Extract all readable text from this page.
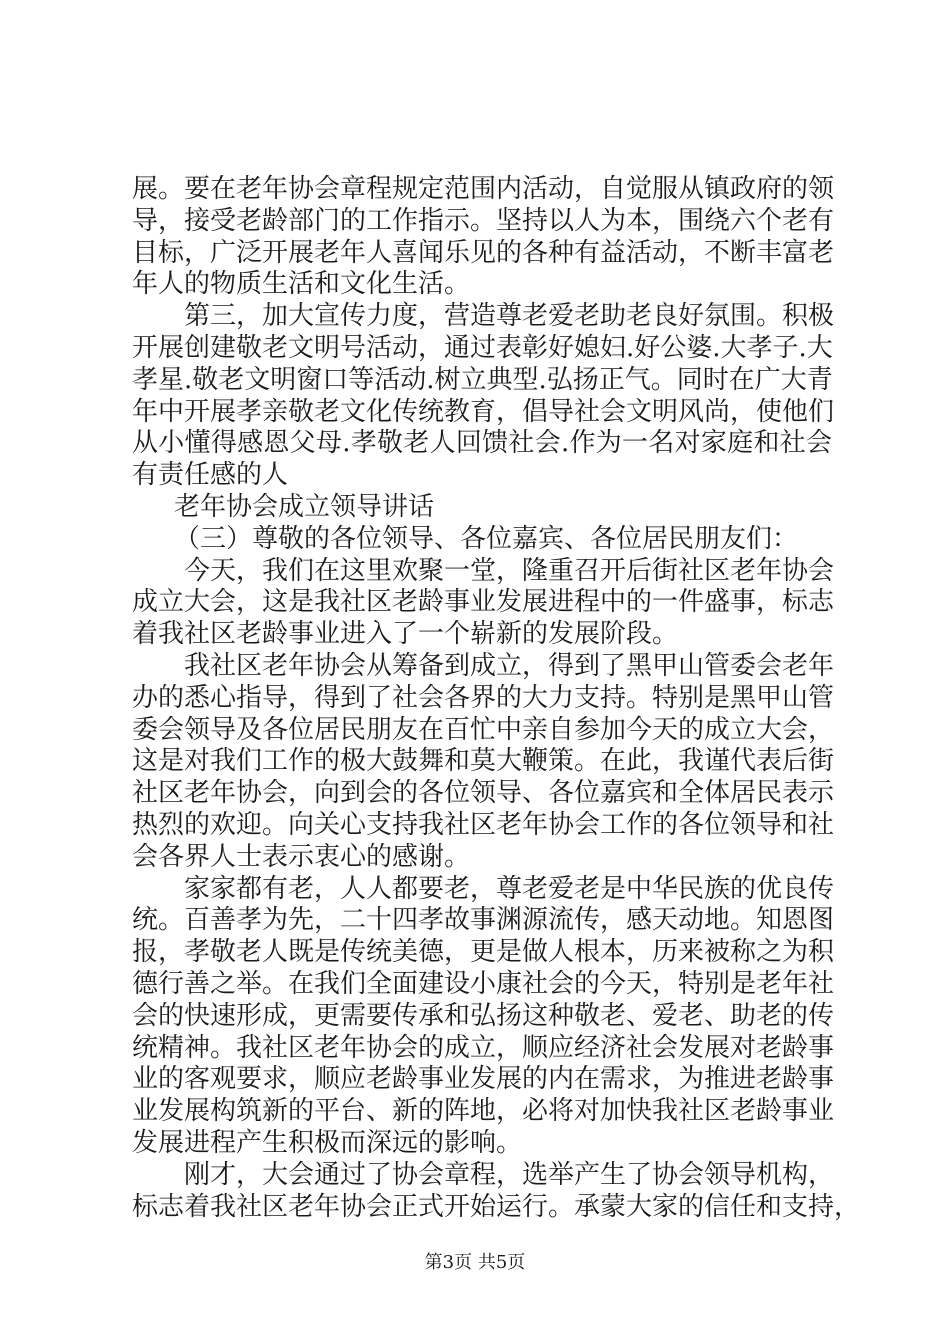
展。要在老年协会章程规定范围内活动，自觉服从镇政府的领
导，接受老龄部门的工作指示。坚持以人为本，围绕六个老有
目标，广泛开展老年人喜闻乐见的各种有益活动，不断丰富老
年人的物质生活和文化生活。
第三，加大宣传力度，营造尊老爱老助老良好氛围。积极
开展创建敬老文明号活动，通过表彰好媳妇.好公婆.大孝子.大
孝星.敬老文明窗口等活动.树立典型.弘扬正气。同时在广大青
年中开展孝亲敬老文化传统教育，倡导社会文明风尚，使他们
从小懂得感恩父母.孝敬老人回馈社会.作为一名对家庭和社会
有责任感的人
老年协会成立领导讲话
（三）尊敬的各位领导、各位嘉宾、各位居民朋友们：
今天，我们在这里欢聚一堂，隆重召开后街社区老年协会
成立大会，这是我社区老龄事业发展进程中的一件盛事，标志
着我社区老龄事业进入了一个崭新的发展阶段。
我社区老年协会从筹备到成立，得到了黑甲山管委会老年
办的悉心指导，得到了社会各界的大力支持。特别是黑甲山管
委会领导及各位居民朋友在百忙中亲自参加今天的成立大会，
这是对我们工作的极大鼓舞和莫大鞭策。在此，我谨代表后街
社区老年协会，向到会的各位领导、各位嘉宾和全体居民表示
热烈的欢迎。向关心支持我社区老年协会工作的各位领导和社
会各界人士表示衷心的感谢。
家家都有老，人人都要老，尊老爱老是中华民族的优良传
统。百善孝为先，二十四孝故事渊源流传，感天动地。知恩图
报，孝敬老人既是传统美德，更是做人根本，历来被称之为积
德行善之举。在我们全面建设小康社会的今天，特别是老年社
会的快速形成，更需要传承和弘扬这种敬老、爱老、助老的传
统精神。我社区老年协会的成立，顺应经济社会发展对老龄事
业的客观要求，顺应老龄事业发展的内在需求，为推进老龄事
业发展构筑新的平台、新的阵地，必将对加快我社区老龄事业
发展进程产生积极而深远的影响。
刚才，大会通过了协会章程，选举产生了协会领导机构，
标志着我社区老年协会正式开始运行。承蒙大家的信任和支持，
第3页 共5页
